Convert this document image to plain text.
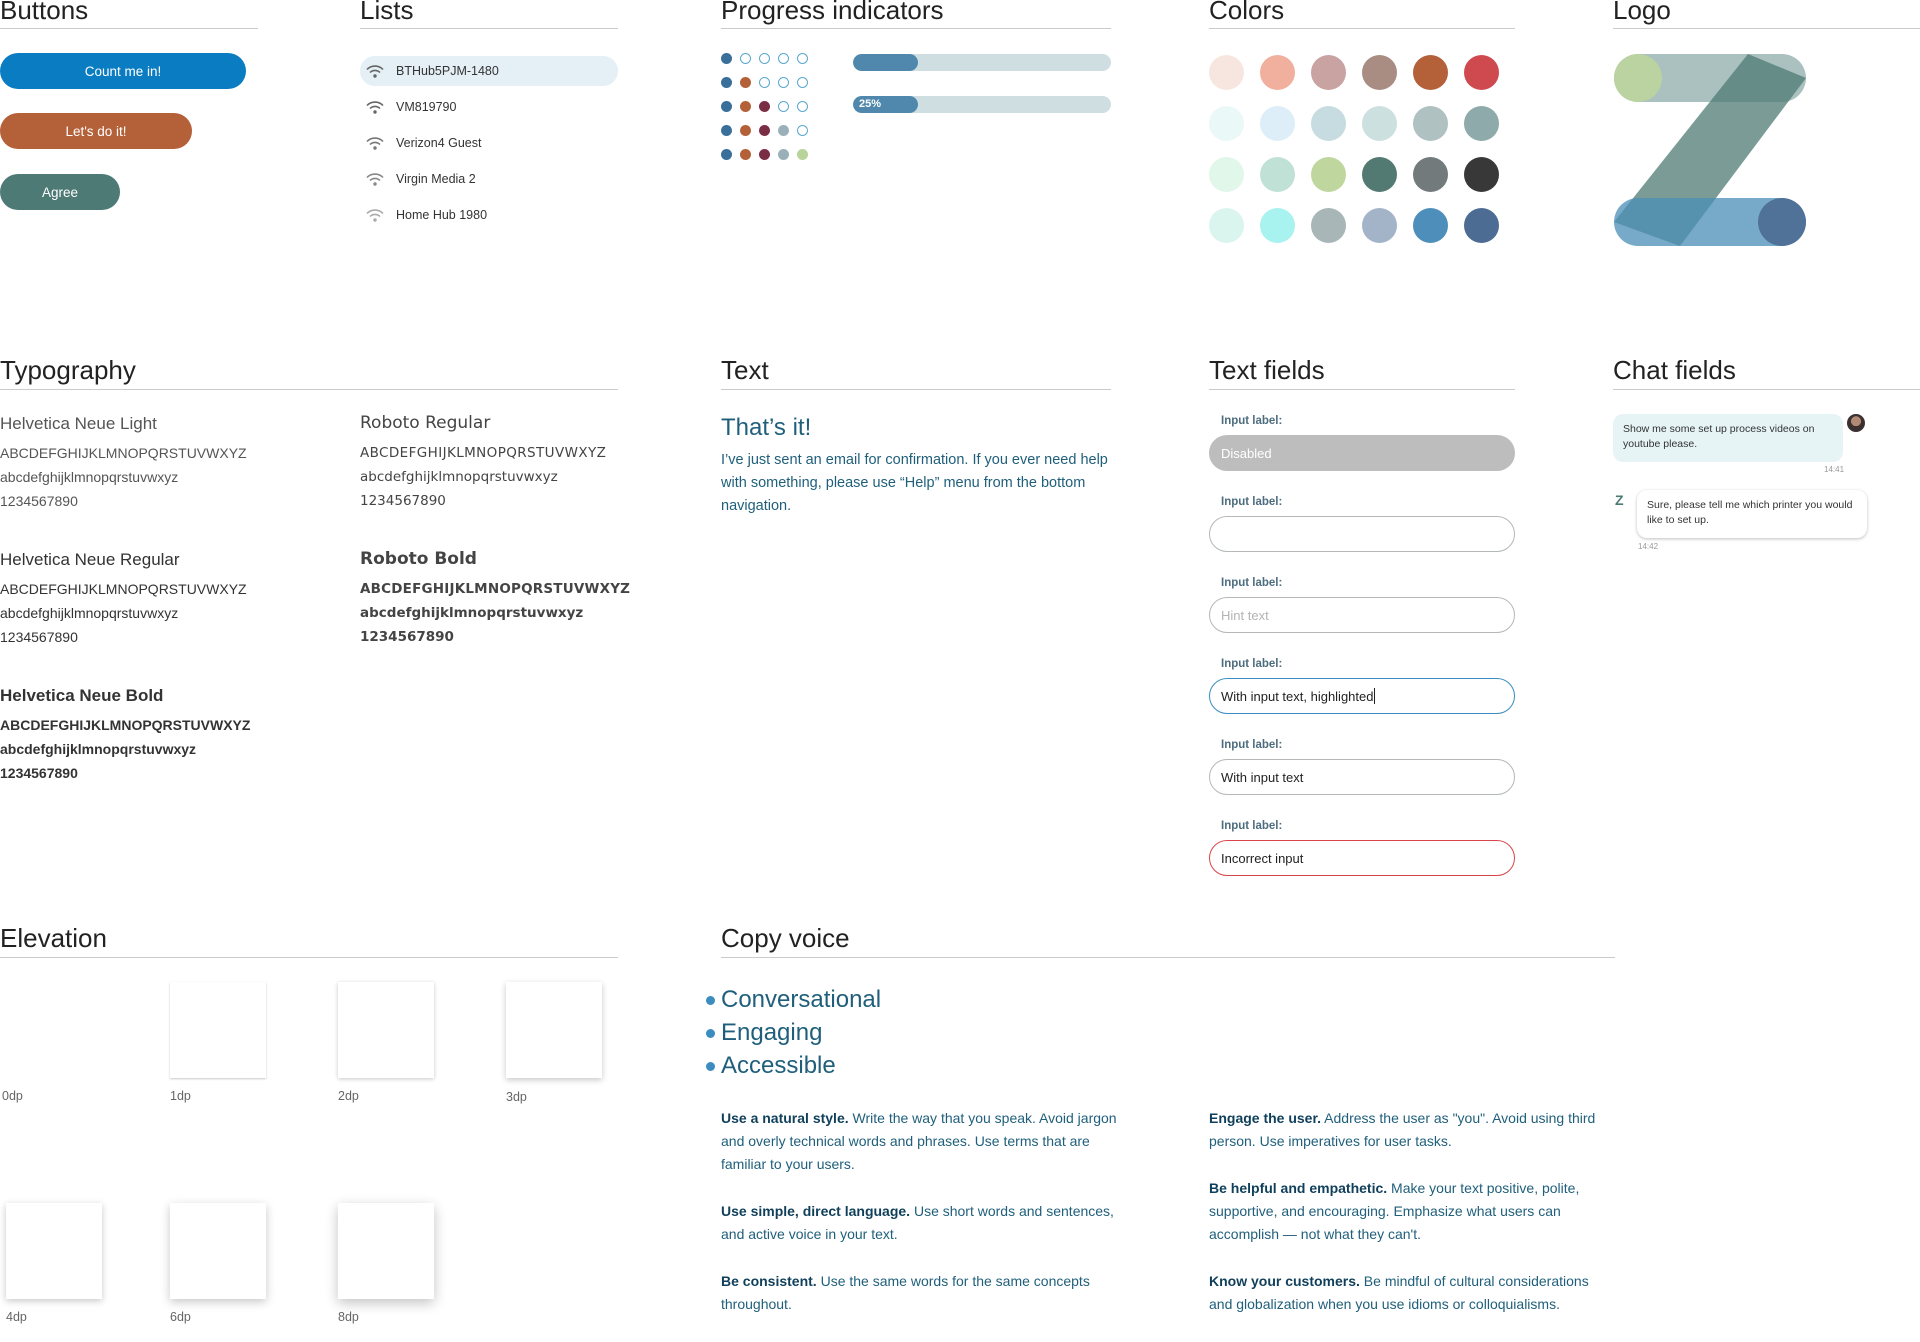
Buttons
Count me in!
Let's do it!
Agree
Lists
BTHub5PJM-1480
VM819790
Verizon4 Guest
Virgin Media 2
Home Hub 1980
Progress indicators
25%
Colors	Logo
Typography
Helvetica Neue Light
ABCDEFGHIJKLMNOPQRSTUVWXYZ
abcdefghijklmnopqrstuvwxyz
1234567890
Helvetica Neue Regular
ABCDEFGHIJKLMNOPQRSTUVWXYZ
abcdefghijklmnopqrstuvwxyz
1234567890
Helvetica Neue Bold
ABCDEFGHIJKLMNOPQRSTUVWXYZ
abcdefghijklmnopqrstuvwxyz
1234567890
Roboto Regular
ABCDEFGHIJKLMNOPQRSTUVWXYZ
abcdefghijklmnopqrstuvwxyz
1234567890
Roboto Bold
ABCDEFGHIJKLMNOPQRSTUVWXYZ
abcdefghijklmnopqrstuvwxyz
1234567890
Text
That’s it!
I’ve just sent an email for confirmation. If you ever need help with something, please use “Help” menu from the bottom navigation.
Text fields
Input label:
Disabled
Input label:
Input label:
Hint text
Input label:
With input text, highlighted
Input label:
With input text
Input label:
Incorrect input
Chat fields
Show me some set up process videos on youtube please.
14:41
Z	Sure, please tell me which printer you would like to set up.
14:42
Elevation
0dp	1dp	2dp	3dp
4dp	6dp	8dp
Copy voice
Conversational
Engaging
Accessible
Use a natural style. Write the way that you speak. Avoid jargon and overly technical words and phrases. Use terms that are familiar to your users.
Use simple, direct language. Use short words and sentences, and active voice in your text.
Be consistent. Use the same words for the same concepts throughout.
Engage the user. Address the user as "you". Avoid using third person. Use imperatives for user tasks.
Be helpful and empathetic. Make your text positive, polite, supportive, and encouraging. Emphasize what users can accomplish — not what they can't.
Know your customers. Be mindful of cultural considerations and globalization when you use idioms or colloquialisms.
